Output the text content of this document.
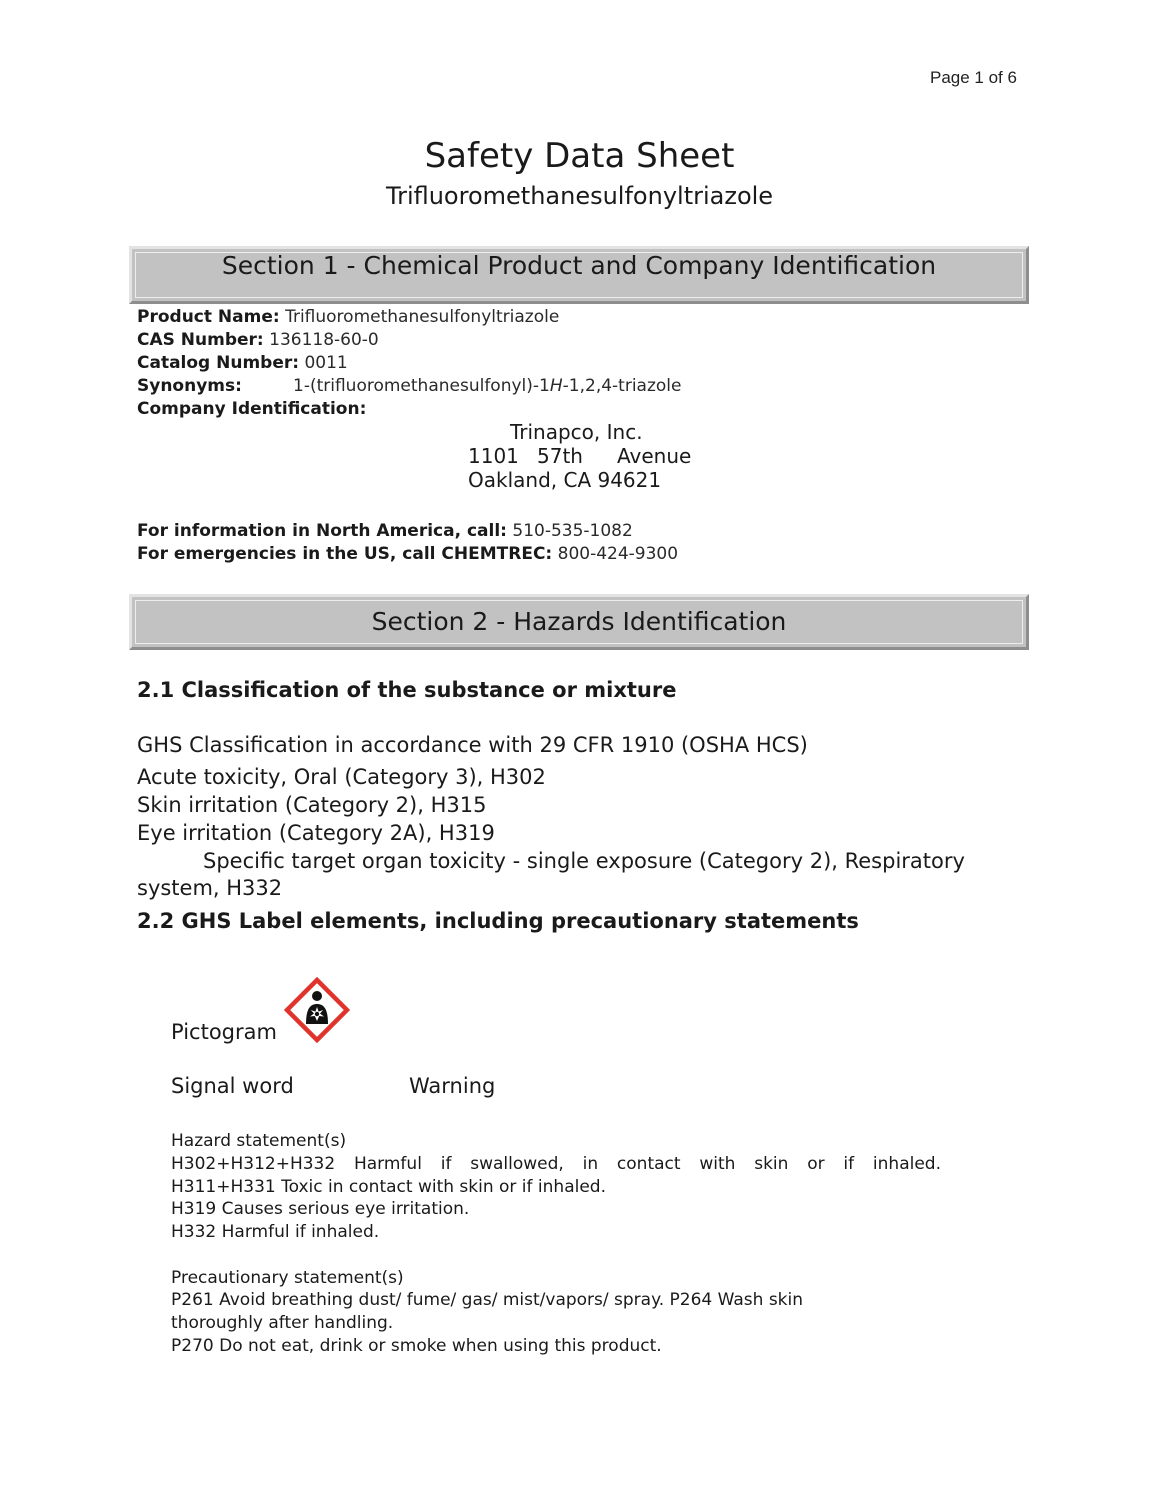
Page 1 of 6
Safety Data Sheet
Trifluoromethanesulfonyltriazole
Section 1 - Chemical Product and Company Identification
Product Name: Trifluoromethanesulfonyltriazole
CAS Number: 136118-60-0
Catalog Number: 0011
Synonyms:	1-(trifluoromethanesulfonyl)-1H-1,2,4-triazole
Company Identification:
Trinapco, Inc.
1101 57th Avenue
Oakland, CA 94621
For information in North America, call: 510-535-1082
For emergencies in the US, call CHEMTREC: 800-424-9300
Section 2 - Hazards Identification
2.1 Classification of the substance or mixture
GHS Classification in accordance with 29 CFR 1910 (OSHA HCS)
Acute toxicity, Oral (Category 3), H302
Skin irritation (Category 2), H315
Eye irritation (Category 2A), H319
Specific target organ toxicity - single exposure (Category 2), Respiratory
system, H332
2.2 GHS Label elements, including precautionary statements
Pictogram
Signal word	Warning
Hazard statement(s)
H302+H312+H332 Harmful if swallowed, in contact with skin or if inhaled.
H311+H331 Toxic in contact with skin or if inhaled.
H319 Causes serious eye irritation.
H332 Harmful if inhaled.
Precautionary statement(s)
P261 Avoid breathing dust/ fume/ gas/ mist/vapors/ spray. P264 Wash skin
thoroughly after handling.
P270 Do not eat, drink or smoke when using this product.
